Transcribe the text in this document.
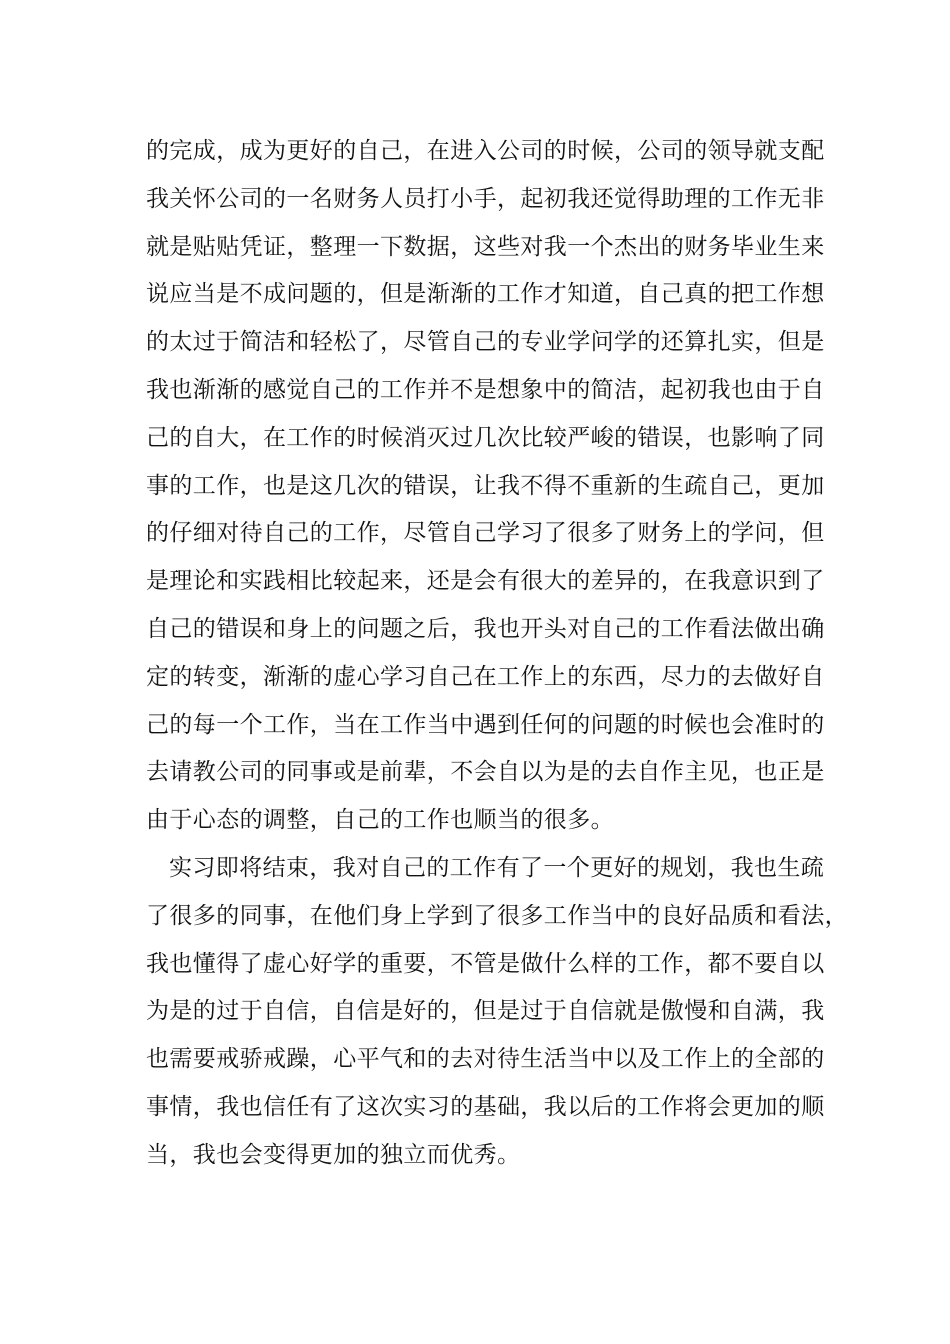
的完成，成为更好的自己，在进入公司的时候，公司的领导就支配
我关怀公司的一名财务人员打小手，起初我还觉得助理的工作无非
就是贴贴凭证，整理一下数据，这些对我一个杰出的财务毕业生来
说应当是不成问题的，但是渐渐的工作才知道，自己真的把工作想
的太过于简洁和轻松了，尽管自己的专业学问学的还算扎实，但是
我也渐渐的感觉自己的工作并不是想象中的简洁，起初我也由于自
己的自大，在工作的时候消灭过几次比较严峻的错误，也影响了同
事的工作，也是这几次的错误，让我不得不重新的生疏自己，更加
的仔细对待自己的工作，尽管自己学习了很多了财务上的学问，但
是理论和实践相比较起来，还是会有很大的差异的，在我意识到了
自己的错误和身上的问题之后，我也开头对自己的工作看法做出确
定的转变，渐渐的虚心学习自己在工作上的东西，尽力的去做好自
己的每一个工作，当在工作当中遇到任何的问题的时候也会准时的
去请教公司的同事或是前辈，不会自以为是的去自作主见，也正是
由于心态的调整，自己的工作也顺当的很多。
实习即将结束，我对自己的工作有了一个更好的规划，我也生疏
了很多的同事，在他们身上学到了很多工作当中的良好品质和看法，
我也懂得了虚心好学的重要，不管是做什么样的工作，都不要自以
为是的过于自信，自信是好的，但是过于自信就是傲慢和自满，我
也需要戒骄戒躁，心平气和的去对待生活当中以及工作上的全部的
事情，我也信任有了这次实习的基础，我以后的工作将会更加的顺
当，我也会变得更加的独立而优秀。
